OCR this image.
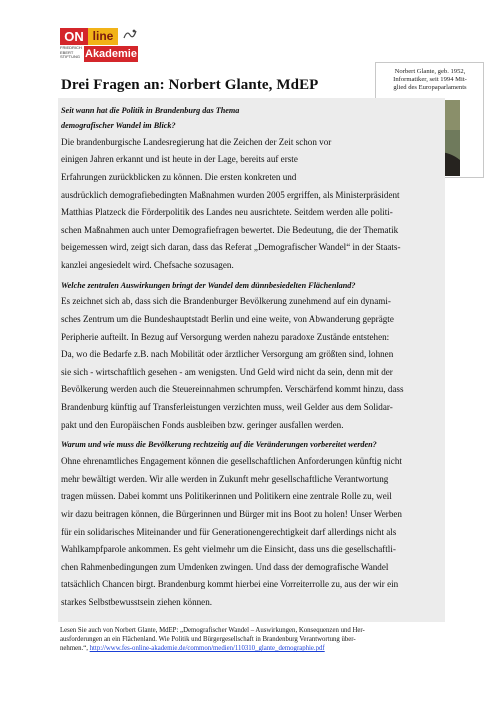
ON line
FRIEDRICH
EBERT
STIFTUNG Akademie
Drei Fragen an: Norbert Glante, MdEP
Norbert Glante, geb. 1952,
Informatiker, seit 1994 Mit-
glied des Europaparlaments
Seit wann hat die Politik in Brandenburg das Thema
demografischer Wandel im Blick?
Die brandenburgische Landesregierung hat die Zeichen der Zeit schon vor
einigen Jahren erkannt und ist heute in der Lage, bereits auf erste
Erfahrungen zurückblicken zu können. Die ersten konkreten und
ausdrücklich demografiebedingten Maßnahmen wurden 2005 ergriffen, als Ministerpräsident
Matthias Platzeck die Förderpolitik des Landes neu ausrichtete. Seitdem werden alle politi-
schen Maßnahmen auch unter Demografiefragen bewertet. Die Bedeutung, die der Thematik
beigemessen wird, zeigt sich daran, dass das Referat „Demografischer Wandel“ in der Staats-
kanzlei angesiedelt wird. Chefsache sozusagen.
Welche zentralen Auswirkungen bringt der Wandel dem dünnbesiedelten Flächenland?
Es zeichnet sich ab, dass sich die Brandenburger Bevölkerung zunehmend auf ein dynami-
sches Zentrum um die Bundeshauptstadt Berlin und eine weite, von Abwanderung geprägte
Peripherie aufteilt. In Bezug auf Versorgung werden nahezu paradoxe Zustände entstehen:
Da, wo die Bedarfe z.B. nach Mobilität oder ärztlicher Versorgung am größten sind, lohnen
sie sich - wirtschaftlich gesehen - am wenigsten. Und Geld wird nicht da sein, denn mit der
Bevölkerung werden auch die Steuereinnahmen schrumpfen. Verschärfend kommt hinzu, dass
Brandenburg künftig auf Transferleistungen verzichten muss, weil Gelder aus dem Solidar-
pakt und den Europäischen Fonds ausbleiben bzw. geringer ausfallen werden.
Warum und wie muss die Bevölkerung rechtzeitig auf die Veränderungen vorbereitet werden?
Ohne ehrenamtliches Engagement können die gesellschaftlichen Anforderungen künftig nicht
mehr bewältigt werden. Wir alle werden in Zukunft mehr gesellschaftliche Verantwortung
tragen müssen. Dabei kommt uns Politikerinnen und Politikern eine zentrale Rolle zu, weil
wir dazu beitragen können, die Bürgerinnen und Bürger mit ins Boot zu holen! Unser Werben
für ein solidarisches Miteinander und für Generationengerechtigkeit darf allerdings nicht als
Wahlkampfparole ankommen. Es geht vielmehr um die Einsicht, dass uns die gesellschaftli-
chen Rahmenbedingungen zum Umdenken zwingen. Und dass der demografische Wandel
tatsächlich Chancen birgt. Brandenburg kommt hierbei eine Vorreiterrolle zu, aus der wir ein
starkes Selbstbewusstsein ziehen können.
Lesen Sie auch von Norbert Glante, MdEP: „Demografischer Wandel – Auswirkungen, Konsequenzen und Her-
ausforderungen an ein Flächenland. Wie Politik und Bürgergesellschaft in Brandenburg Verantwortung über-
nehmen.“, http://www.fes-online-akademie.de/common/medien/110310_glante_demographie.pdf
